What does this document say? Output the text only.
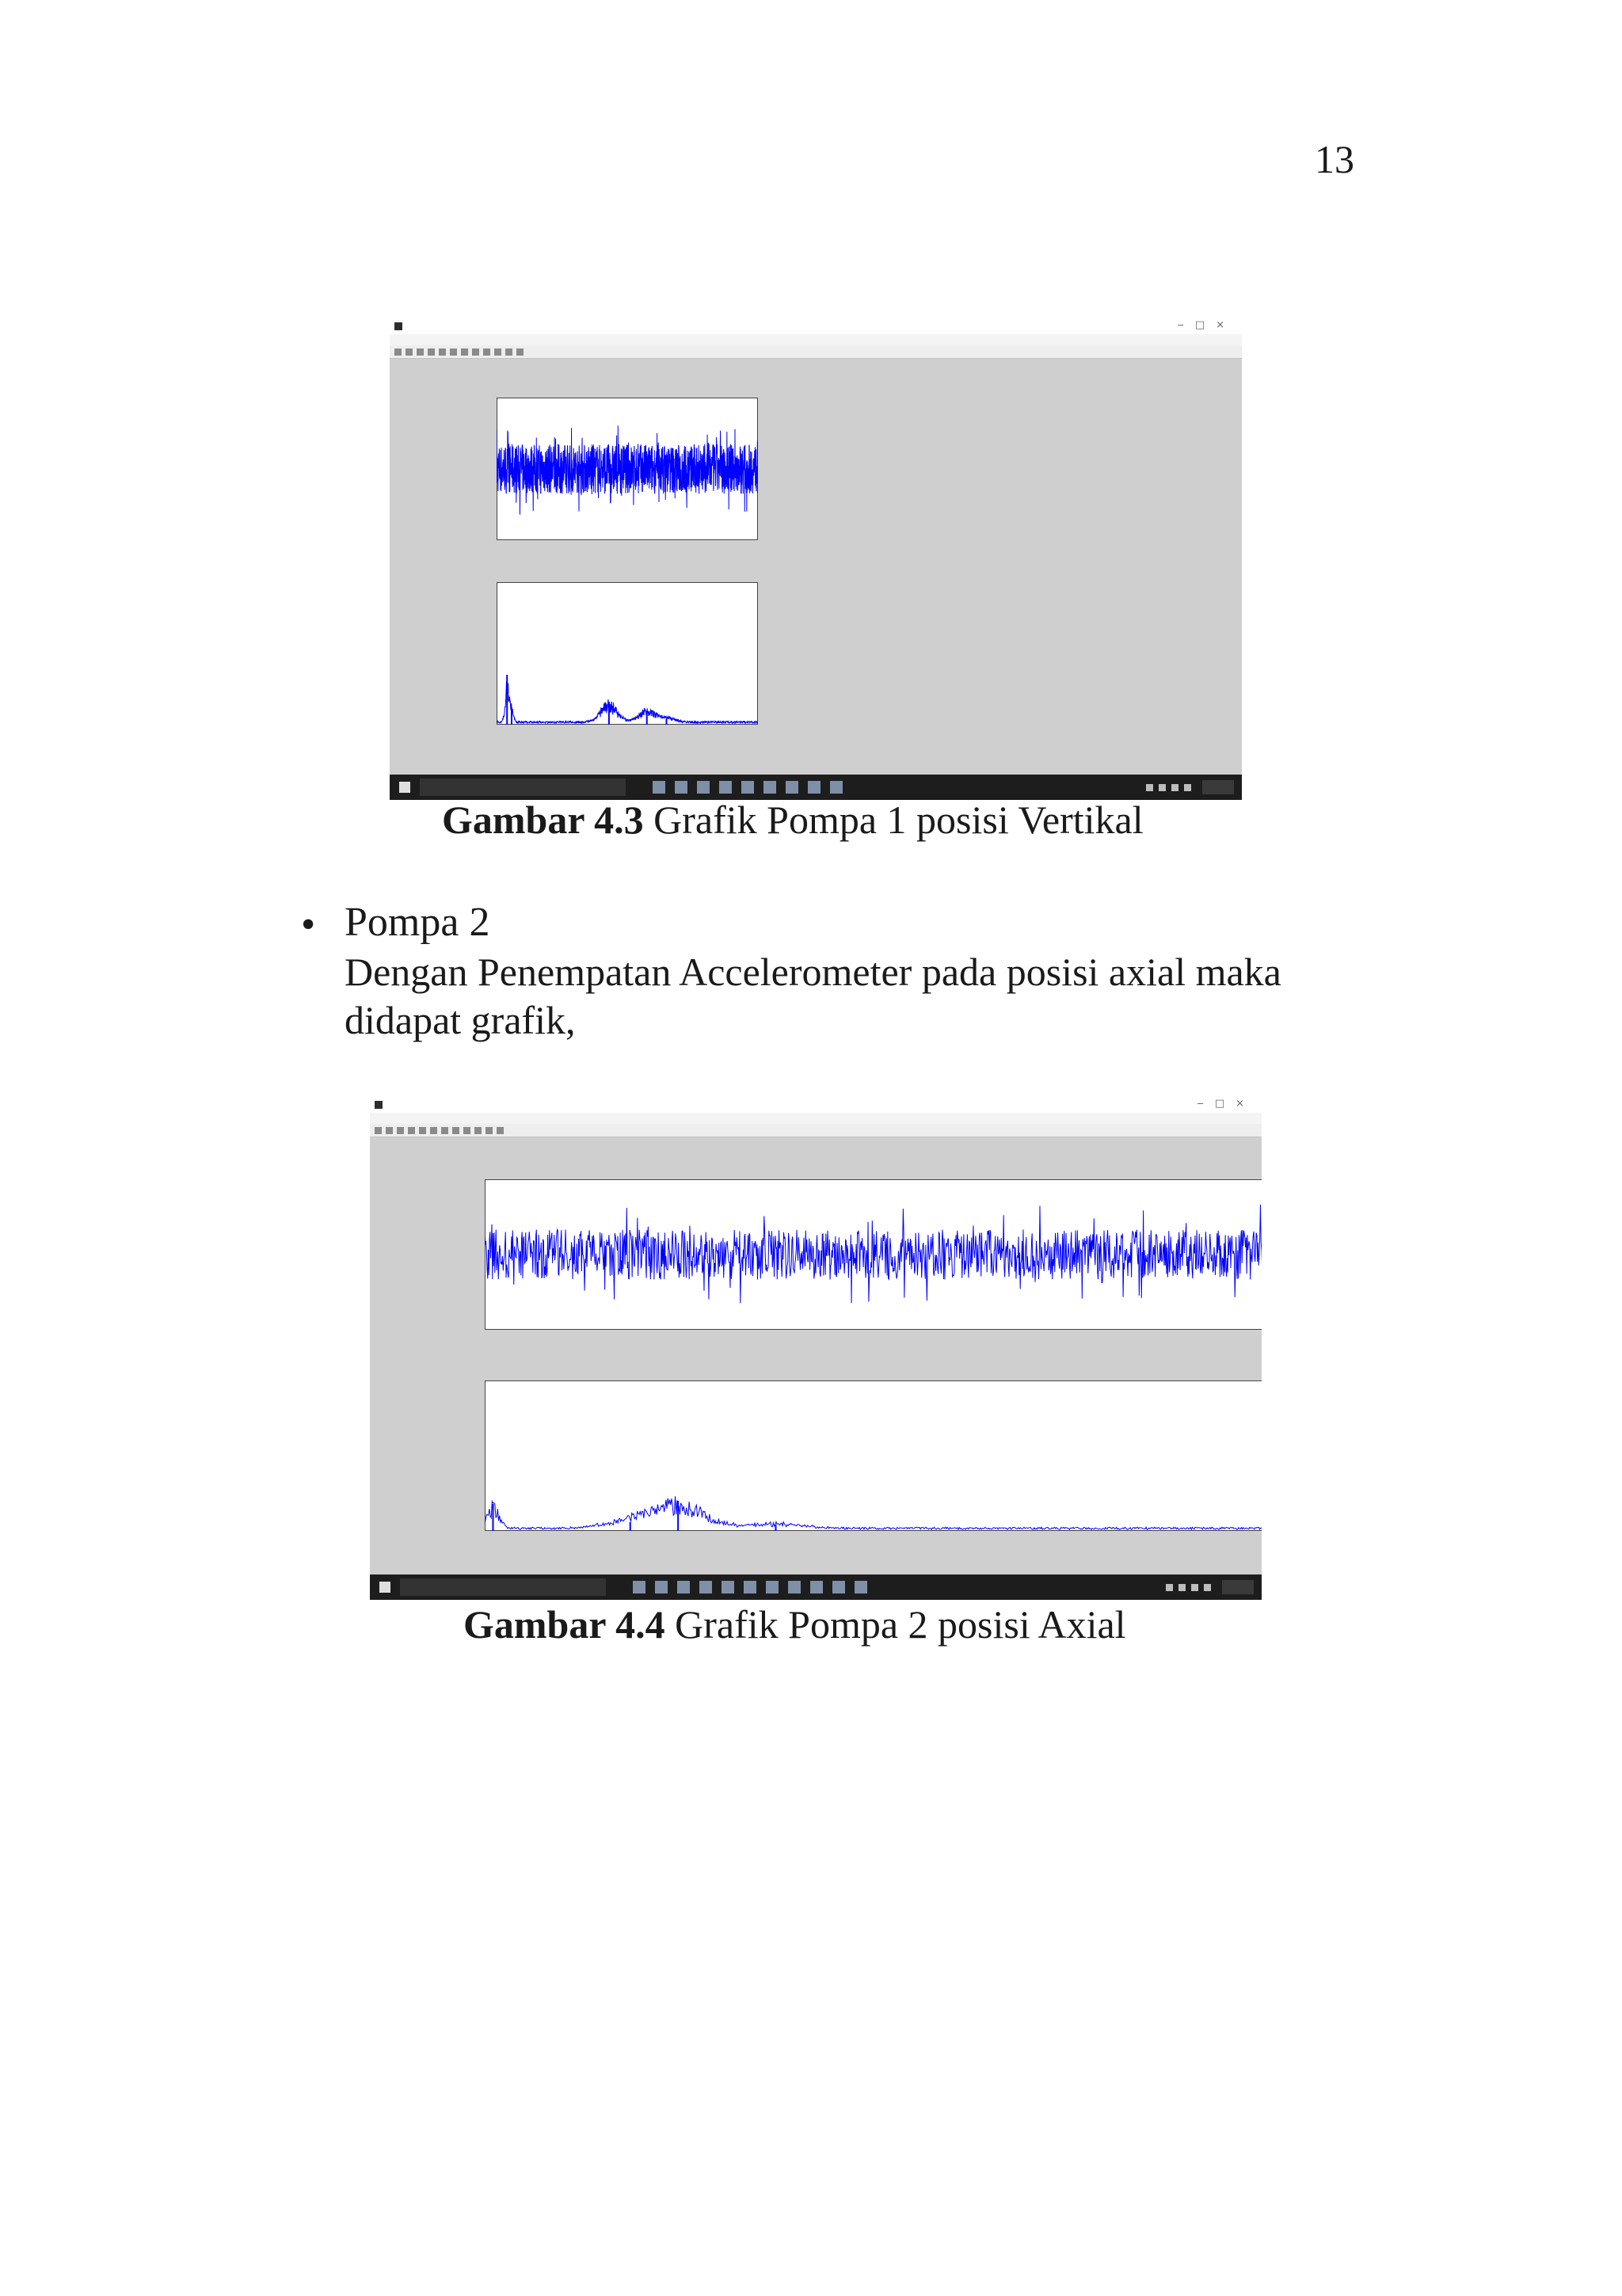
13
‒□×
Gambar 4.3 Grafik Pompa 1 posisi Vertikal
• Pompa 2
Dengan Penempatan Accelerometer pada posisi axial maka didapat grafik,
‒□×
Gambar 4.4 Grafik Pompa 2 posisi Axial
